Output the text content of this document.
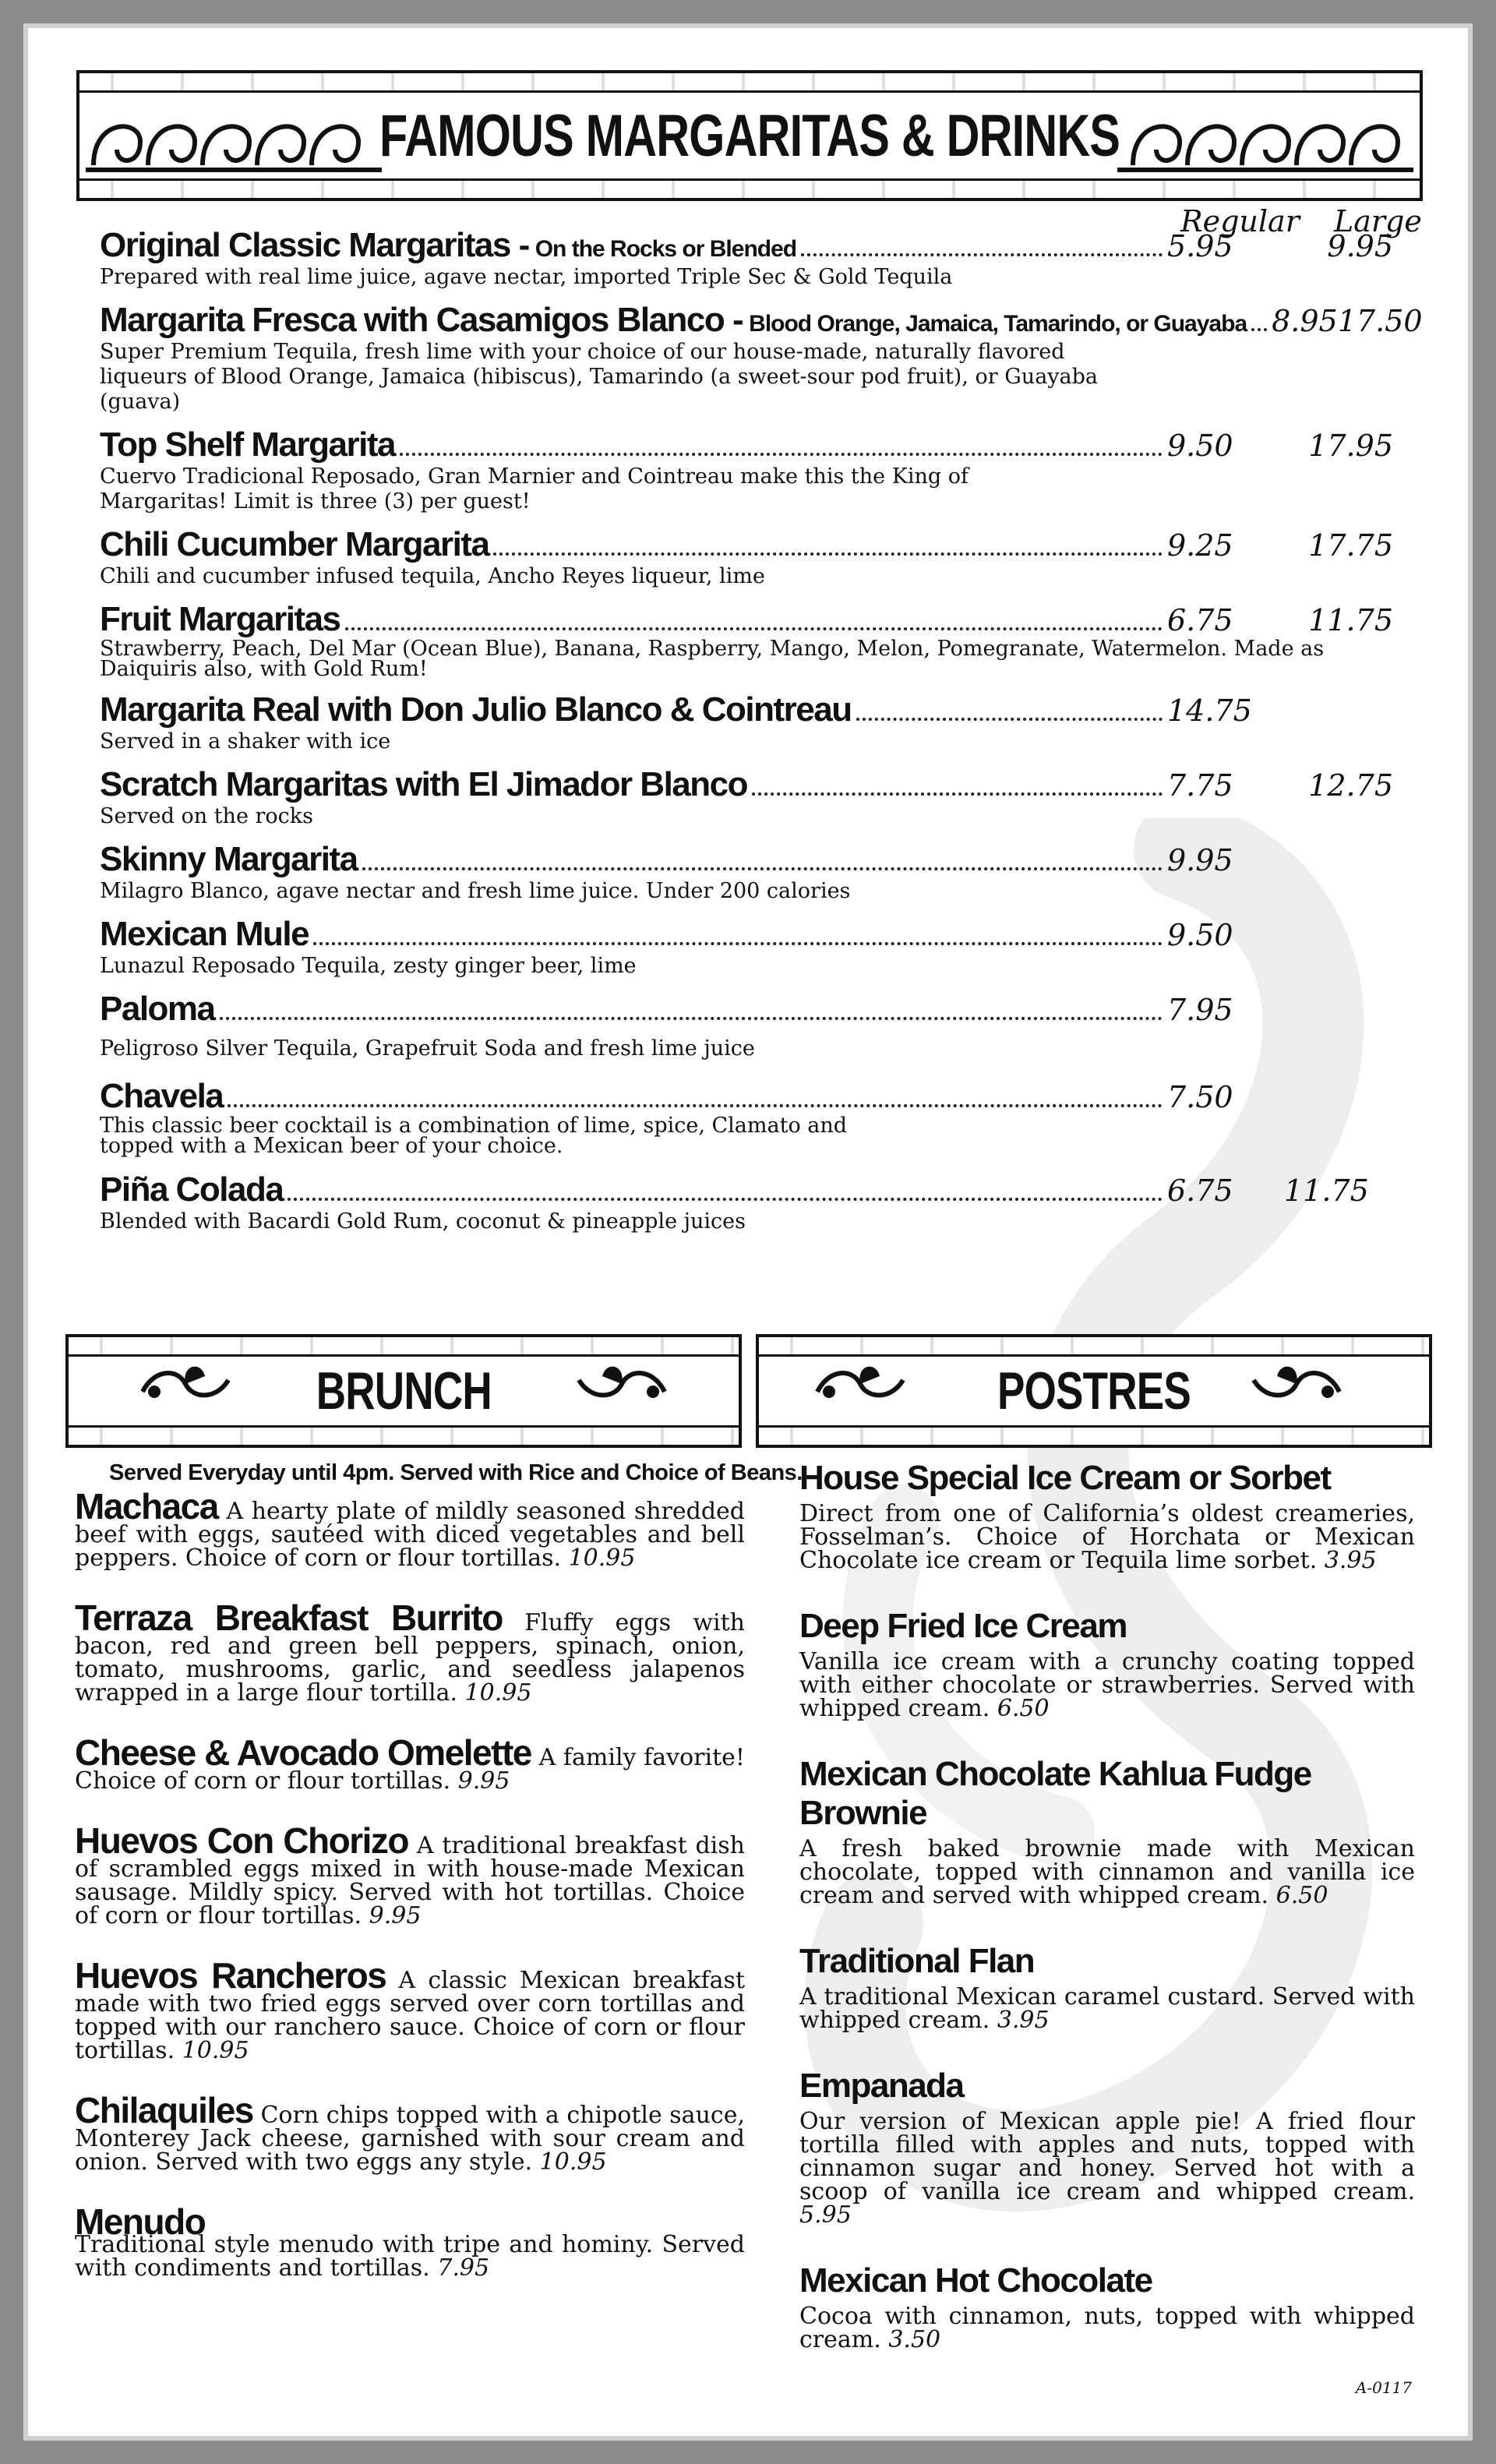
FAMOUS MARGARITAS & DRINKS
Regular Large
Original Classic Margaritas - On the Rocks or Blended	5.95	9.95
Prepared with real lime juice, agave nectar, imported Triple Sec & Gold Tequila
Margarita Fresca with Casamigos Blanco - Blood Orange, Jamaica, Tamarindo, or Guayaba 8.95 17.50
Super Premium Tequila, fresh lime with your choice of our house-made, naturally flavored liqueurs of Blood Orange, Jamaica (hibiscus), Tamarindo (a sweet-sour pod fruit), or Guayaba (guava)
Top Shelf Margarita	9.50	17.95
Cuervo Tradicional Reposado, Gran Marnier and Cointreau make this the King of Margaritas! Limit is three (3) per guest!
Chili Cucumber Margarita	9.25	17.75
Chili and cucumber infused tequila, Ancho Reyes liqueur, lime
Fruit Margaritas	6.75	11.75
Strawberry, Peach, Del Mar (Ocean Blue), Banana, Raspberry, Mango, Melon, Pomegranate, Watermelon. Made as Daiquiris also, with Gold Rum!
Margarita Real with Don Julio Blanco & Cointreau	14.75
Served in a shaker with ice
Scratch Margaritas with El Jimador Blanco	7.75	12.75
Served on the rocks
Skinny Margarita	9.95
Milagro Blanco, agave nectar and fresh lime juice. Under 200 calories
Mexican Mule	9.50
Lunazul Reposado Tequila, zesty ginger beer, lime
Paloma	7.95
Peligroso Silver Tequila, Grapefruit Soda and fresh lime juice
Chavela	7.50
This classic beer cocktail is a combination of lime, spice, Clamato and topped with a Mexican beer of your choice.
Piña Colada	6.75	11.75
Blended with Bacardi Gold Rum, coconut & pineapple juices
BRUNCH	POSTRES
Served Everyday until 4pm. Served with Rice and Choice of Beans.
Machaca A hearty plate of mildly seasoned shredded beef with eggs, sautéed with diced vegetables and bell peppers. Choice of corn or flour tortillas. 10.95
Terraza Breakfast Burrito Fluffy eggs with bacon, red and green bell peppers, spinach, onion, tomato, mushrooms, garlic, and seedless jalapenos wrapped in a large flour tortilla. 10.95
Cheese & Avocado Omelette A family favorite! Choice of corn or flour tortillas. 9.95
Huevos Con Chorizo A traditional breakfast dish of scrambled eggs mixed in with house-made Mexican sausage. Mildly spicy. Served with hot tortillas. Choice of corn or flour tortillas. 9.95
Huevos Rancheros A classic Mexican breakfast made with two fried eggs served over corn tortillas and topped with our ranchero sauce. Choice of corn or flour tortillas. 10.95
Chilaquiles Corn chips topped with a chipotle sauce, Monterey Jack cheese, garnished with sour cream and onion. Served with two eggs any style. 10.95
Menudo
Traditional style menudo with tripe and hominy. Served with condiments and tortillas. 7.95
House Special Ice Cream or Sorbet
Direct from one of California’s oldest creameries, Fosselman’s. Choice of Horchata or Mexican Chocolate ice cream or Tequila lime sorbet. 3.95
Deep Fried Ice Cream
Vanilla ice cream with a crunchy coating topped with either chocolate or strawberries. Served with whipped cream. 6.50
Mexican Chocolate Kahlua Fudge Brownie
A fresh baked brownie made with Mexican chocolate, topped with cinnamon and vanilla ice cream and served with whipped cream. 6.50
Traditional Flan
A traditional Mexican caramel custard. Served with whipped cream. 3.95
Empanada
Our version of Mexican apple pie! A fried flour tortilla filled with apples and nuts, topped with cinnamon sugar and honey. Served hot with a scoop of vanilla ice cream and whipped cream. 5.95
Mexican Hot Chocolate
Cocoa with cinnamon, nuts, topped with whipped cream. 3.50
A-0117
